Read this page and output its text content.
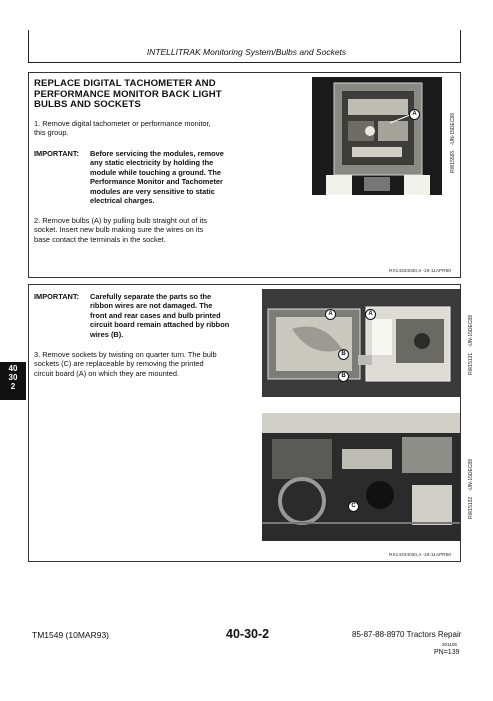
INTELLITRAK Monitoring System/Bulbs and Sockets
REPLACE DIGITAL TACHOMETER AND
PERFORMANCE MONITOR BACK LIGHT
BULBS AND SOCKETS
1. Remove digital tachometer or performance monitor,
this group.
IMPORTANT:	Before servicing the modules, remove
any static electricity by holding the
module while touching a ground. The
Performance Monitor and Tachometer
modules are very sensitive to static
electrical charges.
2. Remove bulbs (A) by pulling bulb straight out of its
socket. Insert new bulb making sure the wires on its
base contact the terminals in the socket.
A
RW15565    -UN-15DEC88
RX14334030,3 -19-11APR90
IMPORTANT:	Carefully separate the parts so the
ribbon wires are not damaged. The
front and rear cases and bulb printed
circuit board remain attached by ribbon
wires (B).
3. Remove sockets by twisting on quarter turn. The bulb
sockets (C) are replaceable by removing the printed
circuit board (A) on which they are mounted.
A	A
B
B
RW15131    -UN-15DEC88
C	RW15132    -UN-15DEC88
RX14334030,4 -19-11APR90
40
30
2
TM1549 (10MAR93)	40-30-2	85-87-88-8970 Tractors Repair
201106
PN=139
